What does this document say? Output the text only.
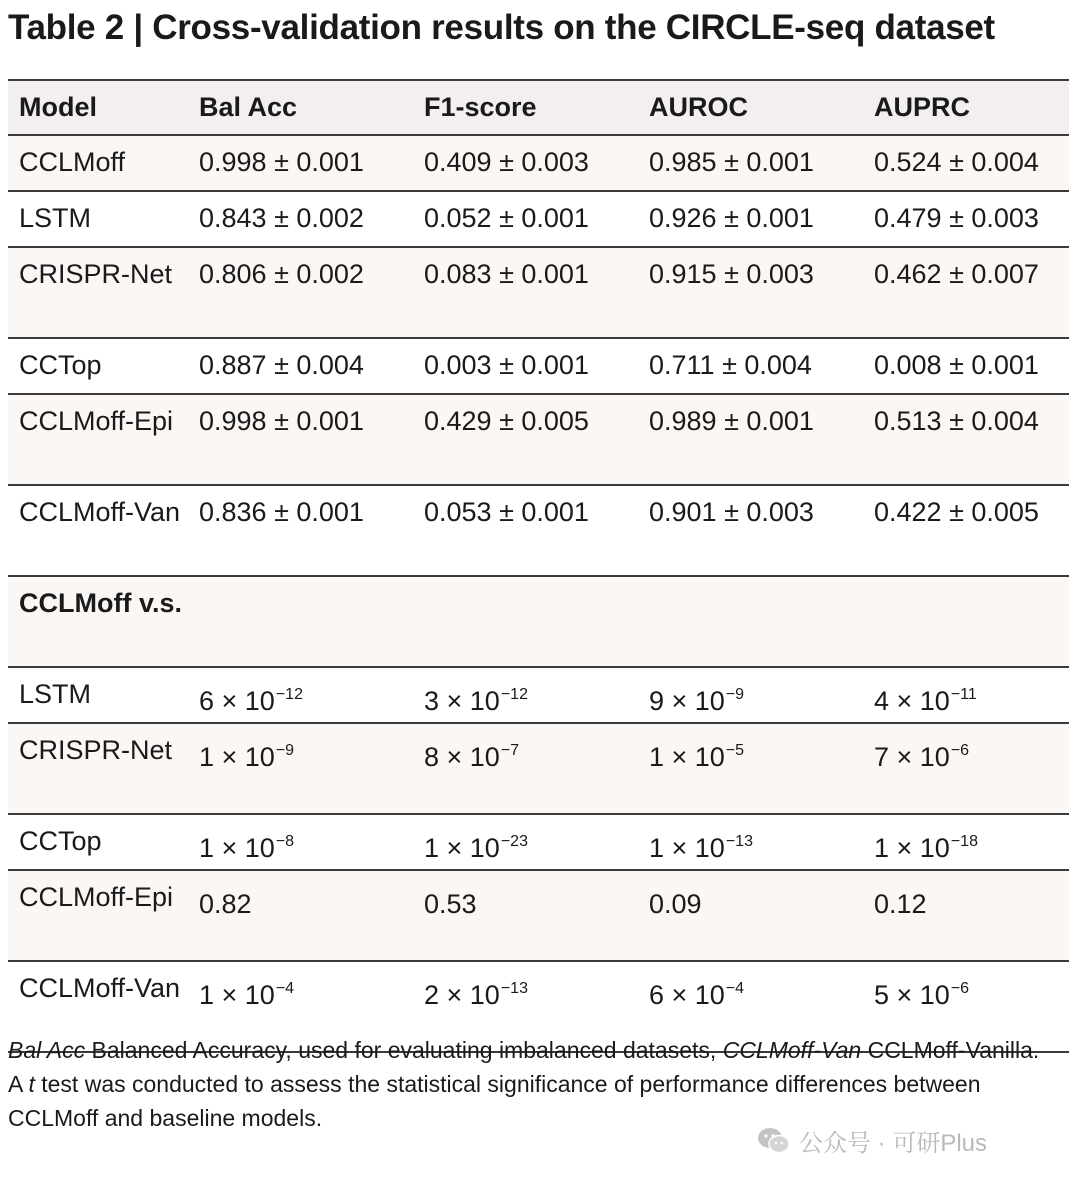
Table 2 | Cross-validation results on the CIRCLE-seq dataset
Model	Bal Acc	F1-score	AUROC	AUPRC
CCLMoff	0.998 ± 0.001	0.409 ± 0.003	0.985 ± 0.001	0.524 ± 0.004
LSTM	0.843 ± 0.002	0.052 ± 0.001	0.926 ± 0.001	0.479 ± 0.003
CRISPR-Net	0.806 ± 0.002	0.083 ± 0.001	0.915 ± 0.003	0.462 ± 0.007
CCTop	0.887 ± 0.004	0.003 ± 0.001	0.711 ± 0.004	0.008 ± 0.001
CCLMoff-Epi	0.998 ± 0.001	0.429 ± 0.005	0.989 ± 0.001	0.513 ± 0.004
CCLMoff-Van	0.836 ± 0.001	0.053 ± 0.001	0.901 ± 0.003	0.422 ± 0.005
CCLMoff v.s.				
LSTM	$6 \times 10^{-12}$	$3 \times 10^{-12}$	$9 \times 10^{-9}$	$4 \times 10^{-11}$
CRISPR-Net	$1 \times 10^{-9}$	$8 \times 10^{-7}$	$1 \times 10^{-5}$	$7 \times 10^{-6}$
CCTop	$1 \times 10^{-8}$	$1 \times 10^{-23}$	$1 \times 10^{-13}$	$1 \times 10^{-18}$
CCLMoff-Epi	0.82	0.53	0.09	0.12
CCLMoff-Van	$1 \times 10^{-4}$	$2 \times 10^{-13}$	$6 \times 10^{-4}$	$5 \times 10^{-6}$
Bal Acc Balanced Accuracy, used for evaluating imbalanced datasets, CCLMoff-Van CCLMoff-Vanilla.
A t test was conducted to assess the statistical significance of performance differences between CCLMoff and baseline models.
公众号 · 可研Plus
